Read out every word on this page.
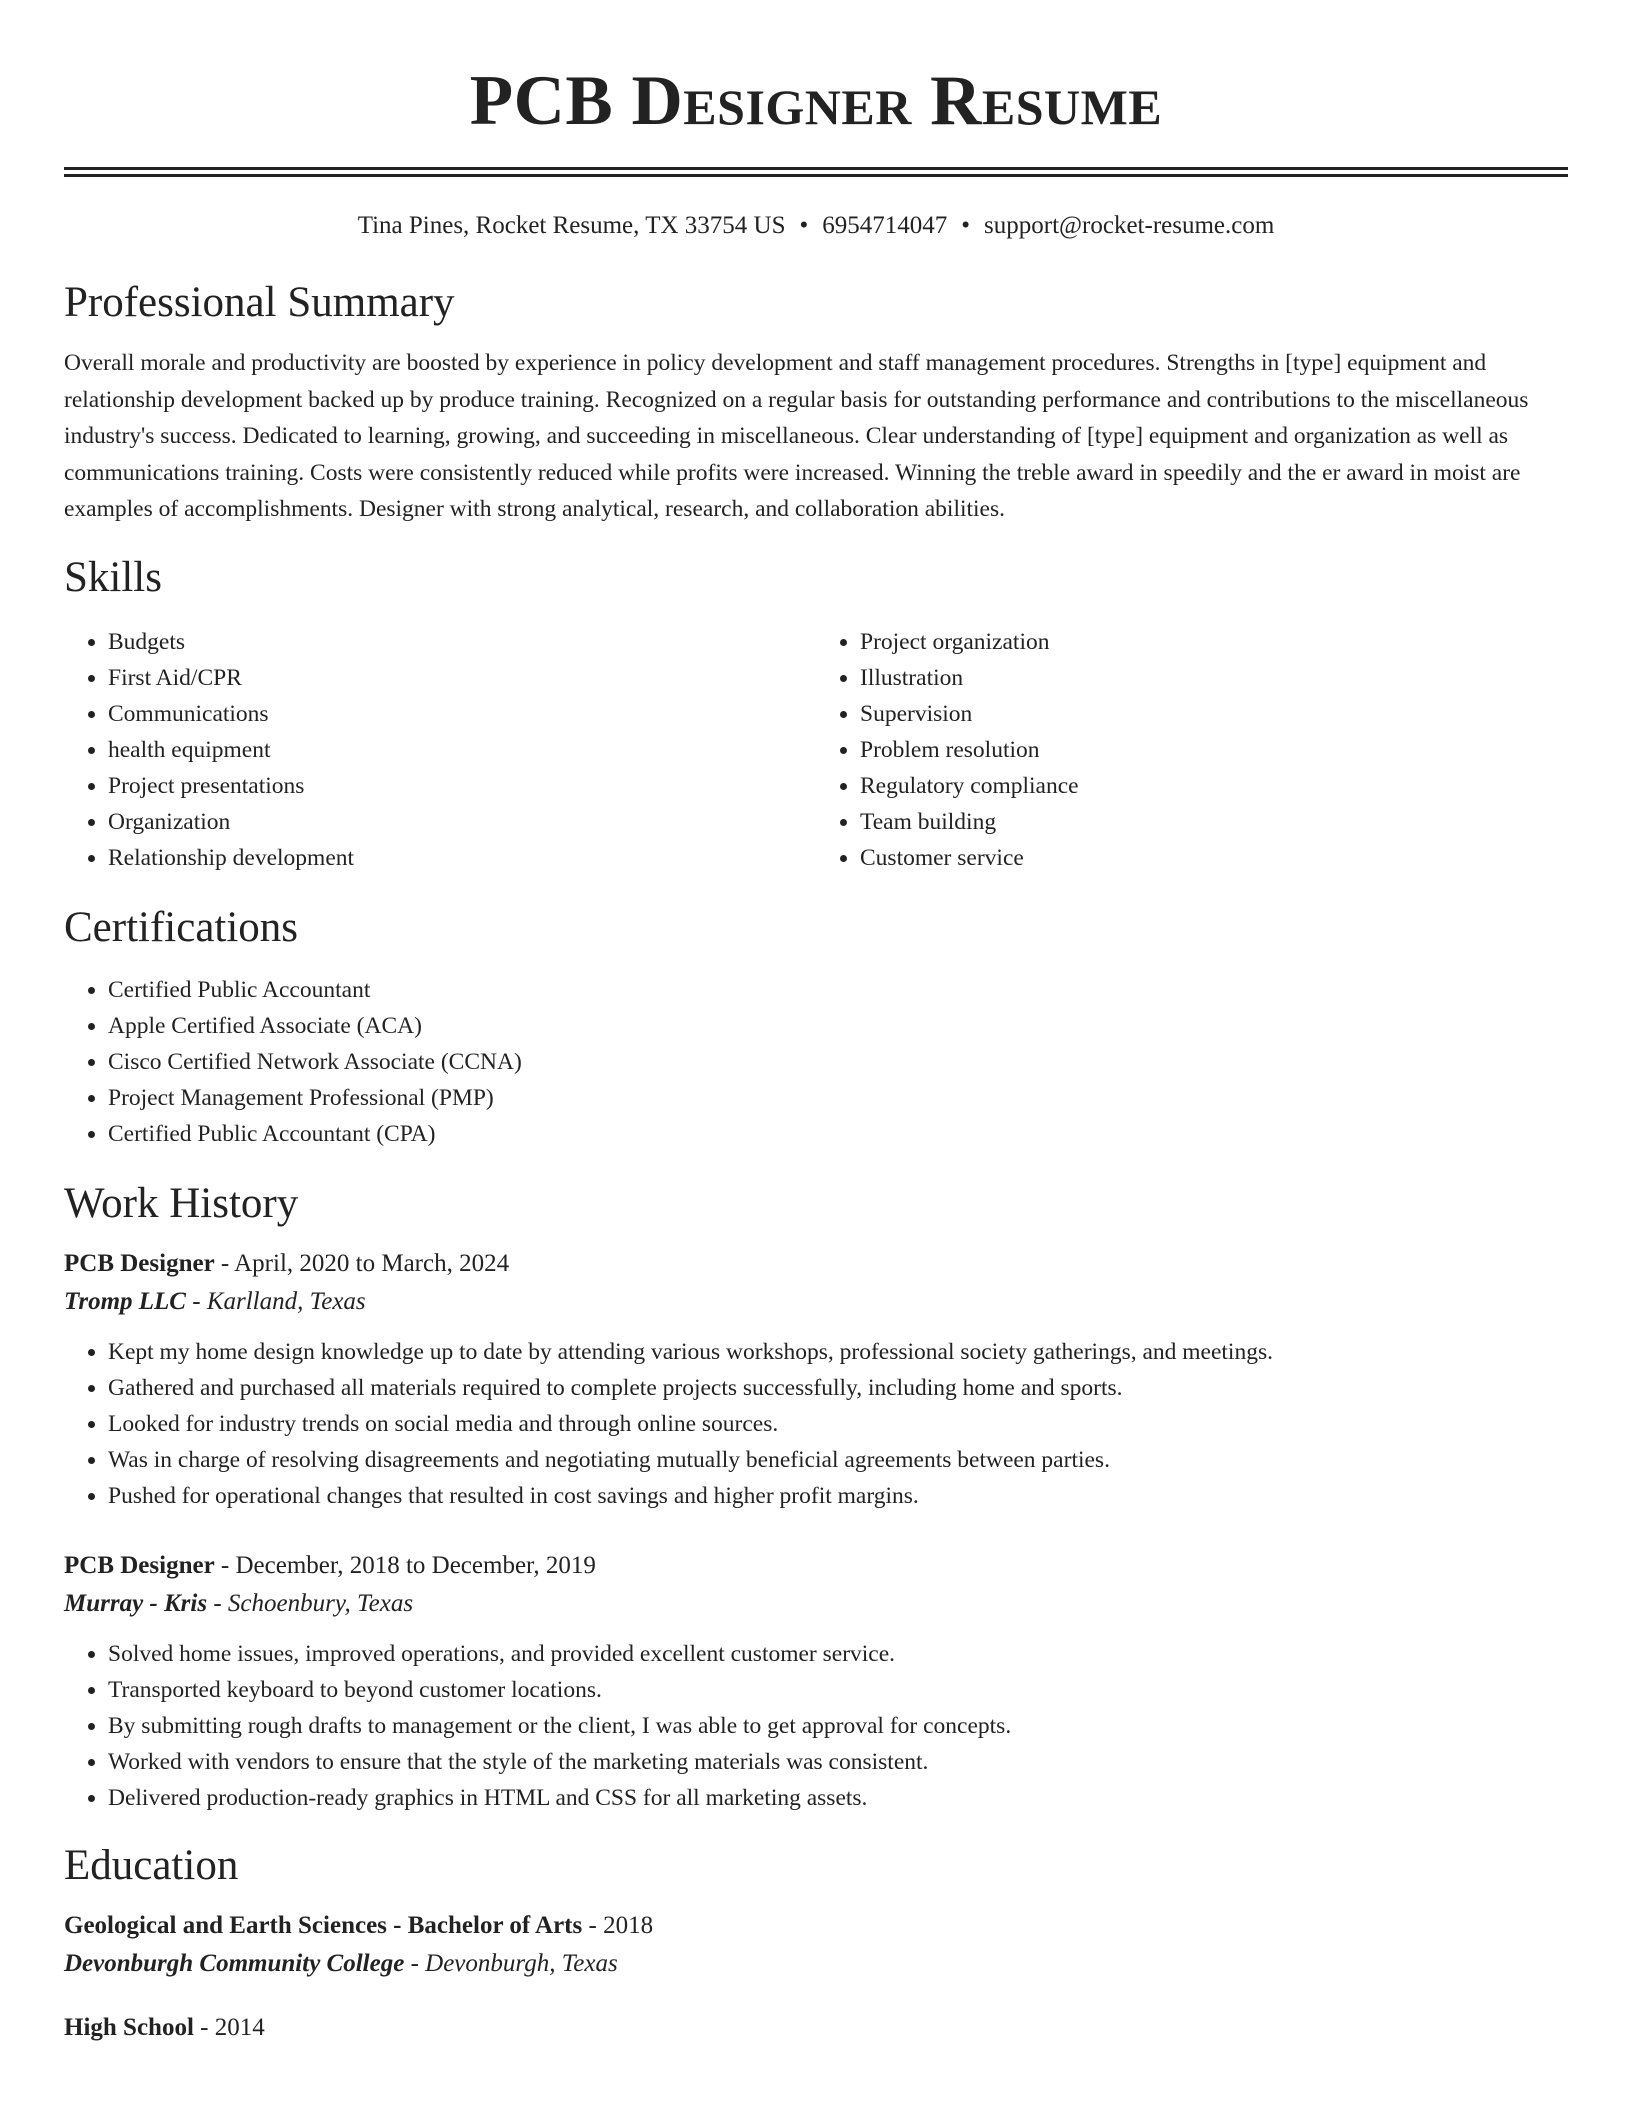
PCB Designer Resume
Tina Pines, Rocket Resume, TX 33754 US • 6954714047 • support@rocket-resume.com
Professional Summary

Overall morale and productivity are boosted by experience in policy development and staff management procedures. Strengths in [type] equipment and relationship development backed up by produce training. Recognized on a regular basis for outstanding performance and contributions to the miscellaneous industry's success. Dedicated to learning, growing, and succeeding in miscellaneous. Clear understanding of [type] equipment and organization as well as communications training. Costs were consistently reduced while profits were increased. Winning the treble award in speedily and the er award in moist are examples of accomplishments. Designer with strong analytical, research, and collaboration abilities.

Skills
• Budgets
• First Aid/CPR
• Communications
• health equipment
• Project presentations
• Organization
• Relationship development
• Project organization
• Illustration
• Supervision
• Problem resolution
• Regulatory compliance
• Team building
• Customer service
Certifications
• Certified Public Accountant
• Apple Certified Associate (ACA)
• Cisco Certified Network Associate (CCNA)
• Project Management Professional (PMP)
• Certified Public Accountant (CPA)
Work History
PCB Designer - April, 2020 to March, 2024
Tromp LLC - Karlland, Texas
• Kept my home design knowledge up to date by attending various workshops, professional society gatherings, and meetings.
• Gathered and purchased all materials required to complete projects successfully, including home and sports.
• Looked for industry trends on social media and through online sources.
• Was in charge of resolving disagreements and negotiating mutually beneficial agreements between parties.
• Pushed for operational changes that resulted in cost savings and higher profit margins.
PCB Designer - December, 2018 to December, 2019
Murray - Kris - Schoenbury, Texas
• Solved home issues, improved operations, and provided excellent customer service.
• Transported keyboard to beyond customer locations.
• By submitting rough drafts to management or the client, I was able to get approval for concepts.
• Worked with vendors to ensure that the style of the marketing materials was consistent.
• Delivered production-ready graphics in HTML and CSS for all marketing assets.
Education
Geological and Earth Sciences - Bachelor of Arts - 2018
Devonburgh Community College - Devonburgh, Texas
High School - 2014
